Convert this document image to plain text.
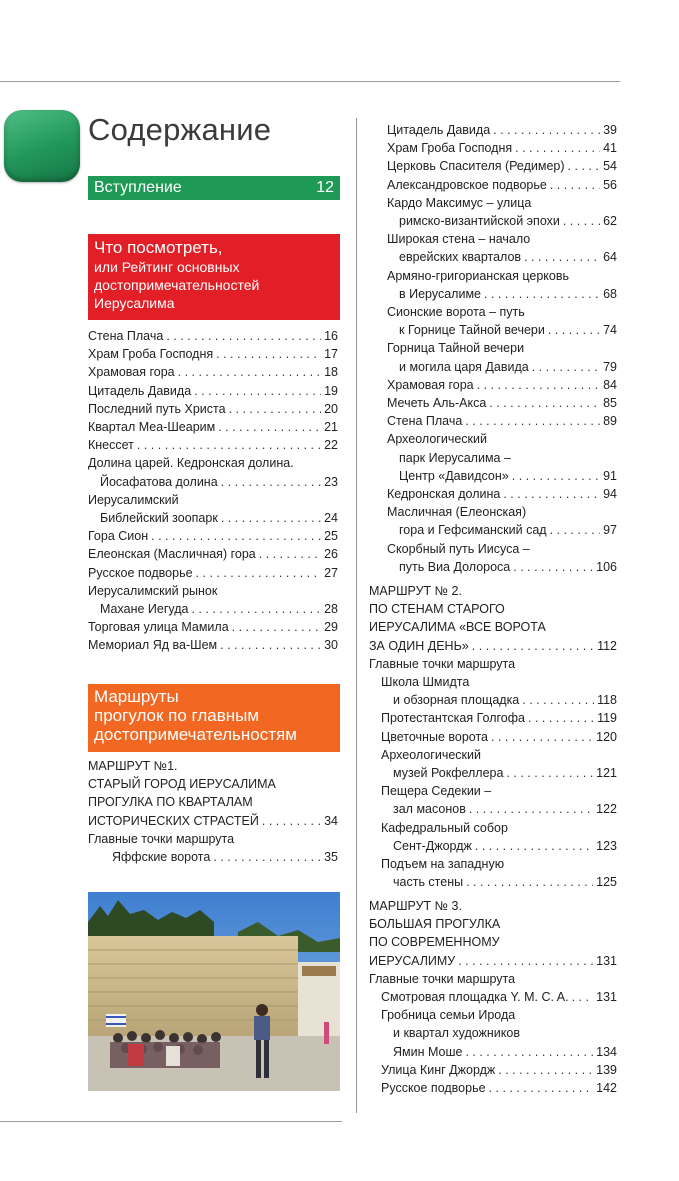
Содержание
Вступление	12
Что посмотреть,
или Рейтинг основных
достопримечательностей
Иерусалима
Стена Плача . . .	16
Храм Гроба Господня . . .	17
Храмовая гора . . .	18
Цитадель Давида . . .	19
Последний путь Христа . . .	20
Квартал Меа-Шеарим . . .	21
Кнессет . . .	22
Долина царей. Кедронская долина.
Йосафатова долина . . .	23
Иерусалимский
Библейский зоопарк . . .	24
Гора Сион . . .	25
Елеонская (Масличная) гора . . .	26
Русское подворье . . .	27
Иерусалимский рынок
Махане Иегуда . . .	28
Торговая улица Мамила . . .	29
Мемориал Яд ва-Шем . . .	30
Маршруты
прогулок по главным
достопримечательностям
МАРШРУТ №1.
СТАРЫЙ ГОРОД ИЕРУСАЛИМА
ПРОГУЛКА ПО КВАРТАЛАМ
ИСТОРИЧЕСКИХ СТРАСТЕЙ . . .	34
Главные точки маршрута
Яффские ворота . . .	35
Цитадель Давида . . .	39
Храм Гроба Господня . . .	41
Церковь Спасителя (Редимер) . . .	54
Александровское подворье . . .	56
Кардо Максимус – улица
римско-византийской эпохи . . .	62
Широкая стена – начало
еврейских кварталов . . .	64
Армяно-григорианская церковь
в Иерусалиме . . .	68
Сионские ворота – путь
к Горнице Тайной вечери . . .	74
Горница Тайной вечери
и могила царя Давида . . .	79
Храмовая гора . . .	84
Мечеть Аль-Акса . . .	85
Стена Плача . . .	89
Археологический
парк Иерусалима –
Центр «Давидсон» . . .	91
Кедронская долина . . .	94
Масличная (Елеонская)
гора и Гефсиманский сад . . .	97
Скорбный путь Иисуса –
путь Виа Долороса . . .	106
МАРШРУТ № 2.
ПО СТЕНАМ СТАРОГО
ИЕРУСАЛИМА «ВСЕ ВОРОТА
ЗА ОДИН ДЕНЬ» . . .	112
Главные точки маршрута
Школа Шмидта
и обзорная площадка . . .	118
Протестантская Голгофа . . .	119
Цветочные ворота . . .	120
Археологический
музей Рокфеллера . . .	121
Пещера Седекии –
зал масонов . . .	122
Кафедральный собор
Сент-Джордж . . .	123
Подъем на западную
часть стены . . .	125
МАРШРУТ № 3.
БОЛЬШАЯ ПРОГУЛКА
ПО СОВРЕМЕННОМУ
ИЕРУСАЛИМУ . . .	131
Главные точки маршрута
Смотровая площадка Y. M. C. A. . . . 131
Гробница семьи Ирода
и квартал художников
Ямин Моше . . .	134
Улица Кинг Джордж . . .	139
Русское подворье . . .	142
